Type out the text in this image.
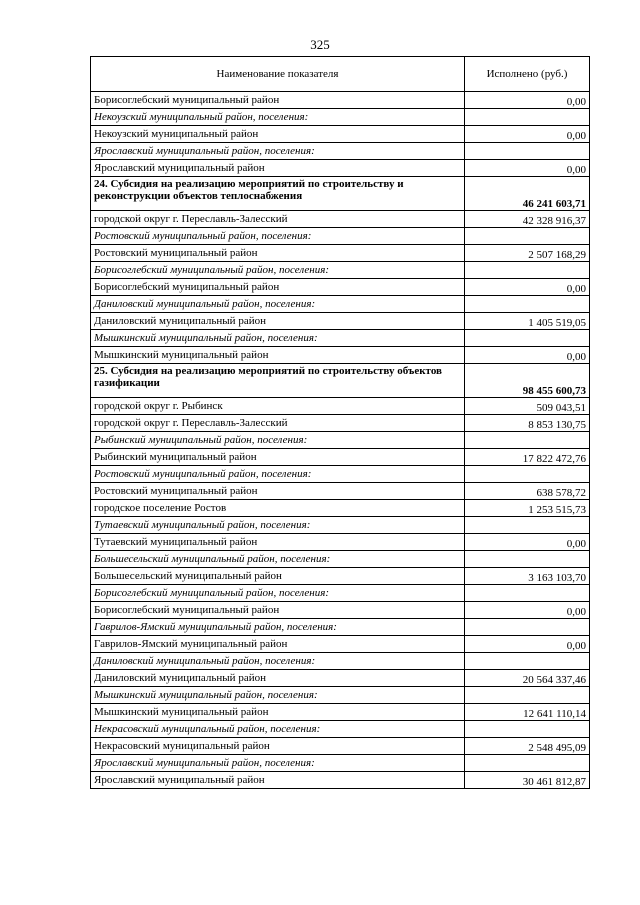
325
Наименование показателя	Исполнено (руб.)
Борисоглебский муниципальный район	0,00
Некоузский муниципальный район, поселения:	
Некоузский муниципальный район	0,00
Ярославский муниципальный район, поселения:	
Ярославский муниципальный район	0,00
24. Субсидия на реализацию мероприятий по строительству и реконструкции объектов теплоснабжения	46 241 603,71
городской округ г. Переславль-Залесский	42 328 916,37
Ростовский муниципальный район, поселения:	
Ростовский муниципальный район	2 507 168,29
Борисоглебский муниципальный район, поселения:	
Борисоглебский муниципальный район	0,00
Даниловский муниципальный район, поселения:	
Даниловский муниципальный район	1 405 519,05
Мышкинский муниципальный район, поселения:	
Мышкинский муниципальный район	0,00
25. Субсидия на реализацию мероприятий по строительству объектов газификации	98 455 600,73
городской округ г. Рыбинск	509 043,51
городской округ г. Переславль-Залесский	8 853 130,75
Рыбинский муниципальный район, поселения:	
Рыбинский муниципальный район	17 822 472,76
Ростовский муниципальный район, поселения:	
Ростовский муниципальный район	638 578,72
городское поселение Ростов	1 253 515,73
Тутаевский муниципальный район, поселения:	
Тутаевский муниципальный район	0,00
Большесельский муниципальный район, поселения:	
Большесельский муниципальный район	3 163 103,70
Борисоглебский муниципальный район, поселения:	
Борисоглебский муниципальный район	0,00
Гаврилов-Ямский муниципальный район, поселения:	
Гаврилов-Ямский муниципальный район	0,00
Даниловский муниципальный район, поселения:	
Даниловский муниципальный район	20 564 337,46
Мышкинский муниципальный район, поселения:	
Мышкинский муниципальный район	12 641 110,14
Некрасовский муниципальный район, поселения:	
Некрасовский муниципальный район	2 548 495,09
Ярославский муниципальный район, поселения:	
Ярославский муниципальный район	30 461 812,87
